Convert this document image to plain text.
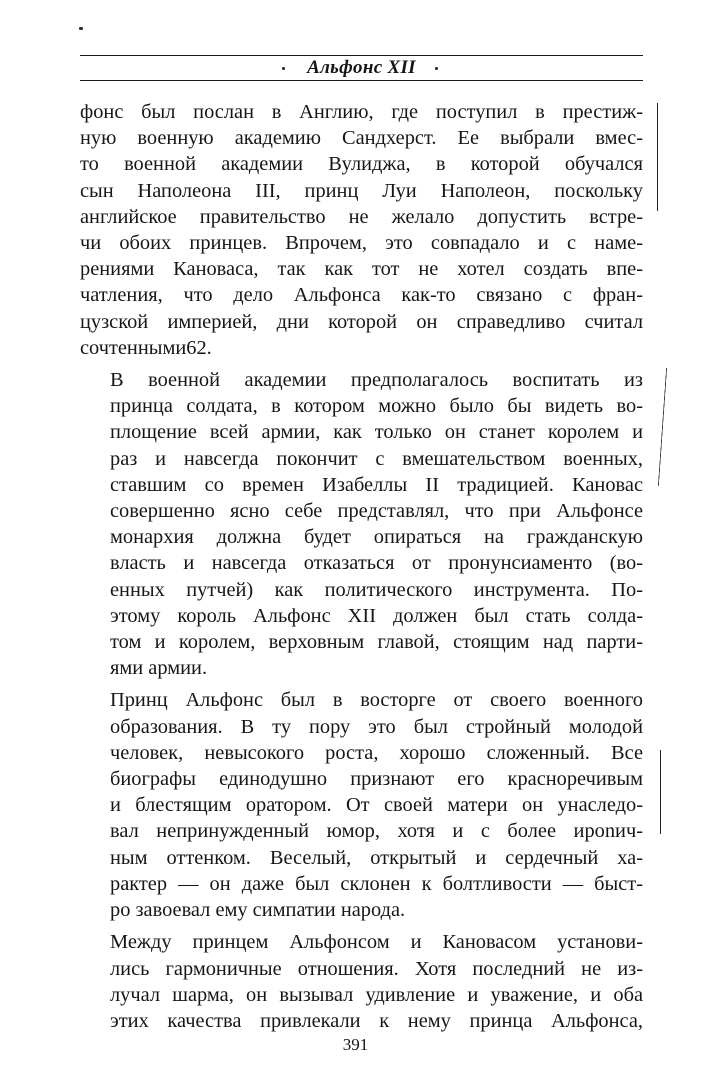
Альфонс XII

фонс был послан в Англию, где поступил в престиж-
ную военную академию Сандхерст. Ее выбрали вмес-
то военной академии Вулиджа, в которой обучался
сын Наполеона III, принц Луи Наполеон, поскольку
английское правительство не желало допустить встре-
чи обоих принцев. Впрочем, это совпадало и с наме-
рениями Кановаса, так как тот не хотел создать впе-
чатления, что дело Альфонса как-то связано с фран-
цузской империей, дни которой он справедливо считал
сочтенными62.

В военной академии предполагалось воспитать из
принца солдата, в котором можно было бы видеть во-
площение всей армии, как только он станет королем и
раз и навсегда покончит с вмешательством военных,
ставшим со времен Изабеллы II традицией. Кановас
совершенно ясно себе представлял, что при Альфонсе
монархия должна будет опираться на гражданскую
власть и навсегда отказаться от пронунсиаменто (во-
енных путчей) как политического инструмента. По-
этому король Альфонс XII должен был стать солда-
том и королем, верховным главой, стоящим над парти-
ями армии.

Принц Альфонс был в восторге от своего военного
образования. В ту пору это был стройный молодой
человек, невысокого роста, хорошо сложенный. Все
биографы единодушно признают его красноречивым
и блестящим оратором. От своей матери он унаследо-
вал непринужденный юмор, хотя и с более ирonич-
ным оттенком. Веселый, открытый и сердечный ха-
рактер — он даже был склонен к болтливости — быст-
ро завоевал ему симпатии народа.

Между принцем Альфонсом и Кановасом установи-
лись гармоничные отношения. Хотя последний не из-
лучал шарма, он вызывал удивление и уважение, и оба
этих качества привлекали к нему принца Альфонса,

391
